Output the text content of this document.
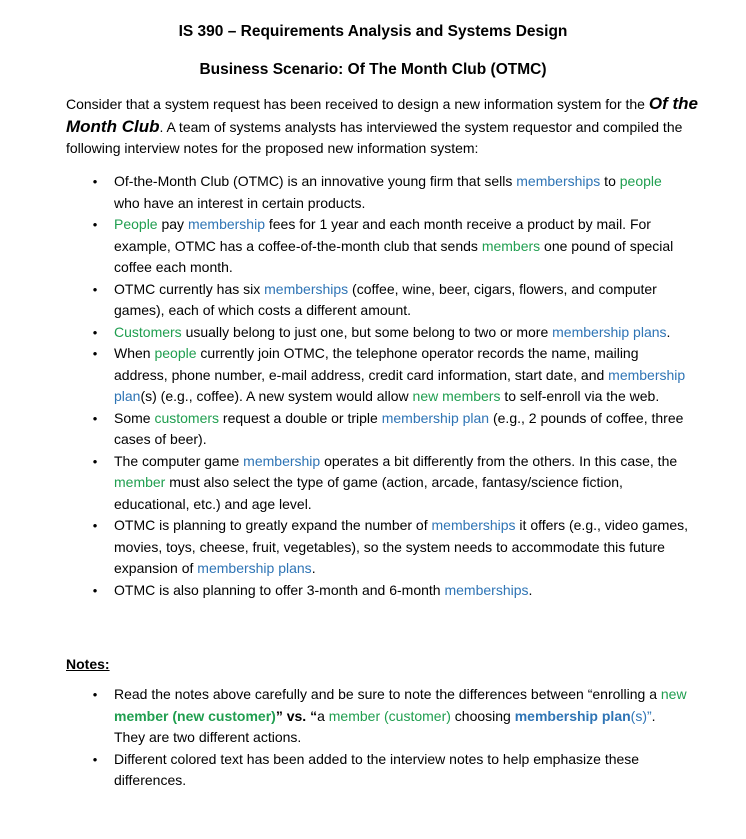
IS 390 – Requirements Analysis and Systems Design
Business Scenario: Of The Month Club (OTMC)

Consider that a system request has been received to design a new information system for the Of the Month Club. A team of systems analysts has interviewed the system requestor and compiled the following interview notes for the proposed new information system:

•	Of-the-Month Club (OTMC) is an innovative young firm that sells memberships to people who have an interest in certain products.
•	People pay membership fees for 1 year and each month receive a product by mail. For example, OTMC has a coffee-of-the-month club that sends members one pound of special coffee each month.
•	OTMC currently has six memberships (coffee, wine, beer, cigars, flowers, and computer games), each of which costs a different amount.
•	Customers usually belong to just one, but some belong to two or more membership plans.
•	When people currently join OTMC, the telephone operator records the name, mailing address, phone number, e-mail address, credit card information, start date, and membership plan(s) (e.g., coffee). A new system would allow new members to self-enroll via the web.
•	Some customers request a double or triple membership plan (e.g., 2 pounds of coffee, three cases of beer).
•	The computer game membership operates a bit differently from the others. In this case, the member must also select the type of game (action, arcade, fantasy/science fiction, educational, etc.) and age level.
•	OTMC is planning to greatly expand the number of memberships it offers (e.g., video games, movies, toys, cheese, fruit, vegetables), so the system needs to accommodate this future expansion of membership plans.
•	OTMC is also planning to offer 3-month and 6-month memberships.
Notes:
•	Read the notes above carefully and be sure to note the differences between “enrolling a new member (new customer)” vs. “a member (customer) choosing membership plan(s)”. They are two different actions.
•	Different colored text has been added to the interview notes to help emphasize these differences.
